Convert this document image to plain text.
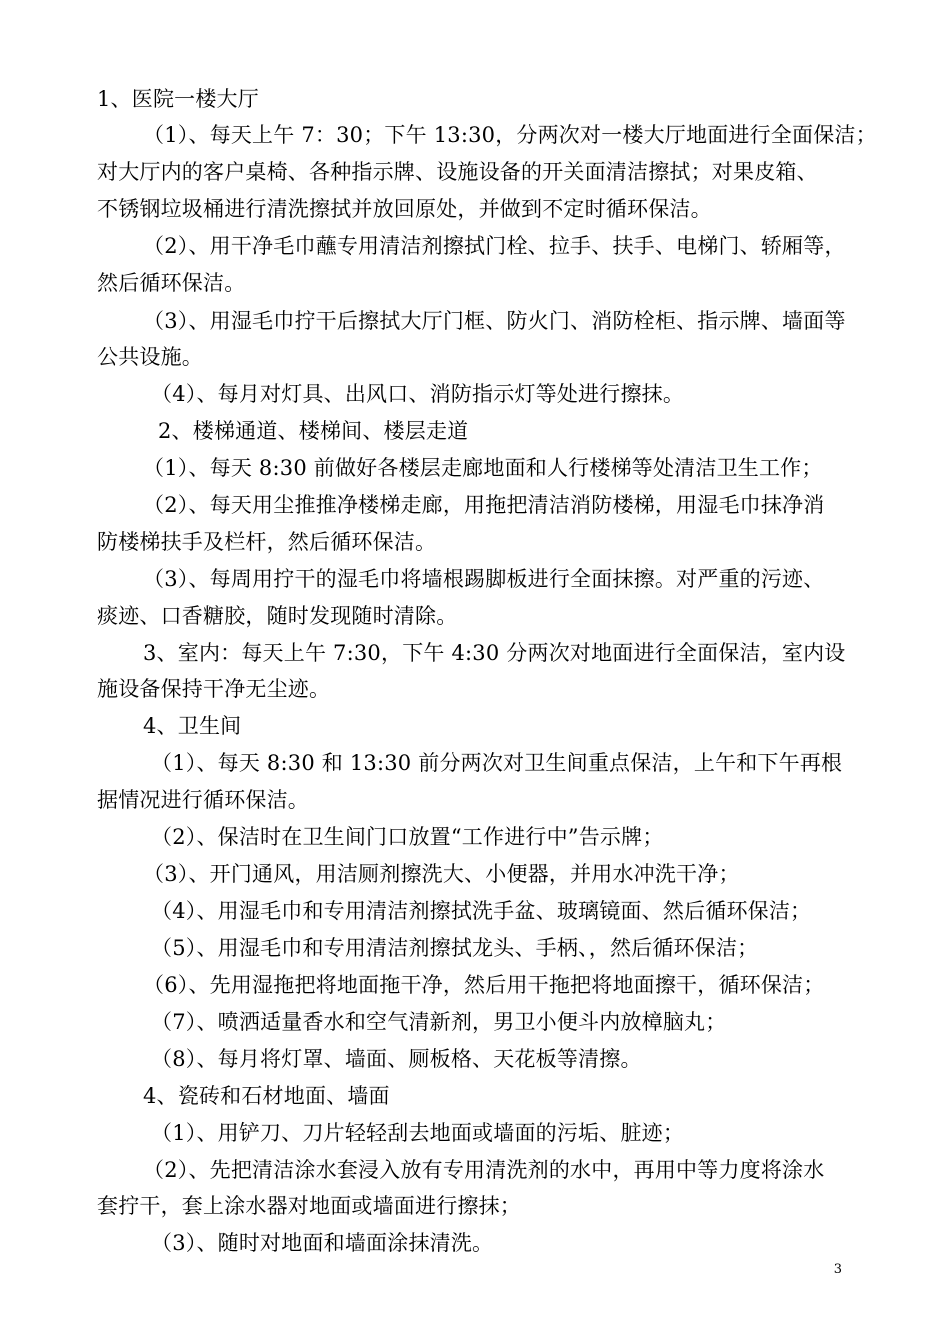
1、医院一楼大厅
（1）、每天上午 7：30；下午 13:30，分两次对一楼大厅地面进行全面保洁；
对大厅内的客户桌椅、各种指示牌、设施设备的开关面清洁擦拭；对果皮箱、
不锈钢垃圾桶进行清洗擦拭并放回原处，并做到不定时循环保洁。
（2）、用干净毛巾蘸专用清洁剂擦拭门栓、拉手、扶手、电梯门、轿厢等，
然后循环保洁。
（3）、用湿毛巾拧干后擦拭大厅门框、防火门、消防栓柜、指示牌、墙面等
公共设施。
（4）、每月对灯具、出风口、消防指示灯等处进行擦抹。
2、楼梯通道、楼梯间、楼层走道
（1）、每天 8:30 前做好各楼层走廊地面和人行楼梯等处清洁卫生工作；
（2）、每天用尘推推净楼梯走廊，用拖把清洁消防楼梯，用湿毛巾抹净消
防楼梯扶手及栏杆，然后循环保洁。
（3）、每周用拧干的湿毛巾将墙根踢脚板进行全面抹擦。对严重的污迹、
痰迹、口香糖胶，随时发现随时清除。
3、室内：每天上午 7:30，下午 4:30 分两次对地面进行全面保洁，室内设
施设备保持干净无尘迹。
4、卫生间
（1）、每天 8:30 和 13:30 前分两次对卫生间重点保洁，上午和下午再根
据情况进行循环保洁。
（2）、保洁时在卫生间门口放置“工作进行中”告示牌；
（3）、开门通风，用洁厕剂擦洗大、小便器，并用水冲洗干净；
（4）、用湿毛巾和专用清洁剂擦拭洗手盆、玻璃镜面、然后循环保洁；
（5）、用湿毛巾和专用清洁剂擦拭龙头、手柄、，然后循环保洁；
（6）、先用湿拖把将地面拖干净，然后用干拖把将地面擦干，循环保洁；
（7）、喷洒适量香水和空气清新剂，男卫小便斗内放樟脑丸；
（8）、每月将灯罩、墙面、厕板格、天花板等清擦。
4、瓷砖和石材地面、墙面
（1）、用铲刀、刀片轻轻刮去地面或墙面的污垢、脏迹；
（2）、先把清洁涂水套浸入放有专用清洗剂的水中，再用中等力度将涂水
套拧干，套上涂水器对地面或墙面进行擦抹；
（3）、随时对地面和墙面涂抹清洗。
3
